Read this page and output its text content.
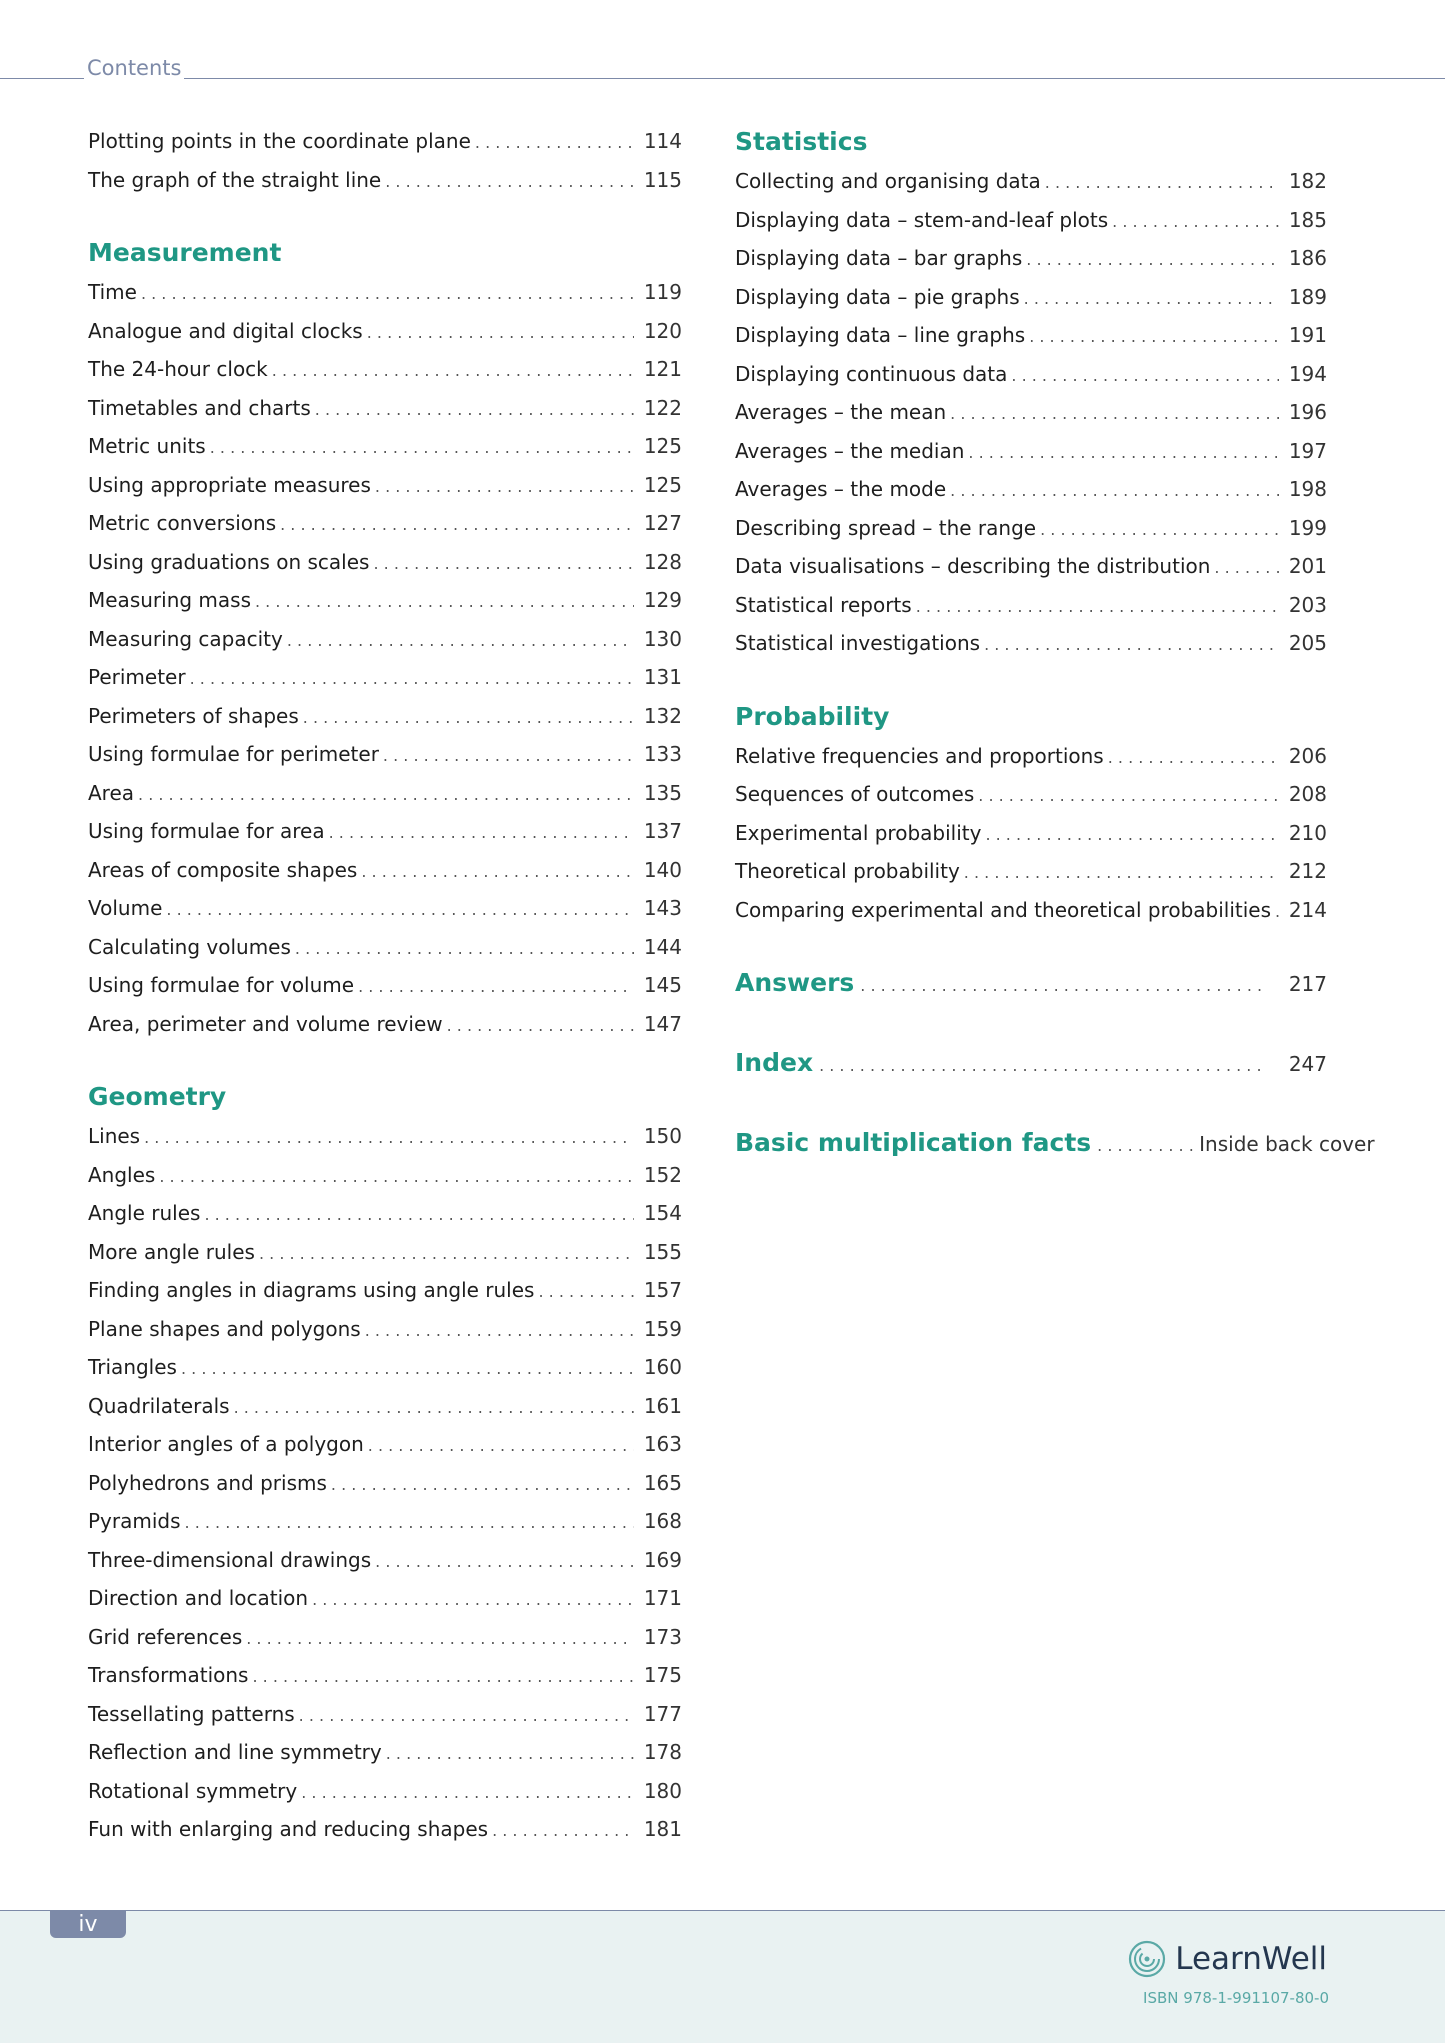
Contents
Plotting points in the coordinate plane . . .	114
The graph of the straight line . . .	115
Measurement
Time . . .	119
Analogue and digital clocks . . .	120
The 24-hour clock . . .	121
Timetables and charts . . .	122
Metric units . . .	125
Using appropriate measures . . .	125
Metric conversions . . .	127
Using graduations on scales . . .	128
Measuring mass . . .	129
Measuring capacity . . .	130
Perimeter . . .	131
Perimeters of shapes . . .	132
Using formulae for perimeter . . .	133
Area . . .	135
Using formulae for area . . .	137
Areas of composite shapes . . .	140
Volume . . .	143
Calculating volumes . . .	144
Using formulae for volume . . .	145
Area, perimeter and volume review . . .	147
Geometry
Lines . . .	150
Angles . . .	152
Angle rules . . .	154
More angle rules . . .	155
Finding angles in diagrams using angle rules . . .	157
Plane shapes and polygons . . .	159
Triangles . . .	160
Quadrilaterals . . .	161
Interior angles of a polygon . . .	163
Polyhedrons and prisms . . .	165
Pyramids . . .	168
Three-dimensional drawings . . .	169
Direction and location . . .	171
Grid references . . .	173
Transformations . . .	175
Tessellating patterns . . .	177
Reflection and line symmetry . . .	178
Rotational symmetry . . .	180
Fun with enlarging and reducing shapes . . .	181
Statistics
Collecting and organising data . . .	182
Displaying data – stem-and-leaf plots . . .	185
Displaying data – bar graphs . . .	186
Displaying data – pie graphs . . .	189
Displaying data – line graphs . . .	191
Displaying continuous data . . .	194
Averages – the mean . . .	196
Averages – the median . . .	197
Averages – the mode . . .	198
Describing spread – the range . . .	199
Data visualisations – describing the distribution . . .	201
Statistical reports . . .	203
Statistical investigations . . .	205
Probability
Relative frequencies and proportions . . .	206
Sequences of outcomes . . .	208
Experimental probability . . .	210
Theoretical probability . . .	212
Comparing experimental and theoretical probabilities . . . 214
Answers . . .	217
Index . . .	247
Basic multiplication facts . . .	Inside back cover
iv
LearnWell
ISBN 978-1-991107-80-0
